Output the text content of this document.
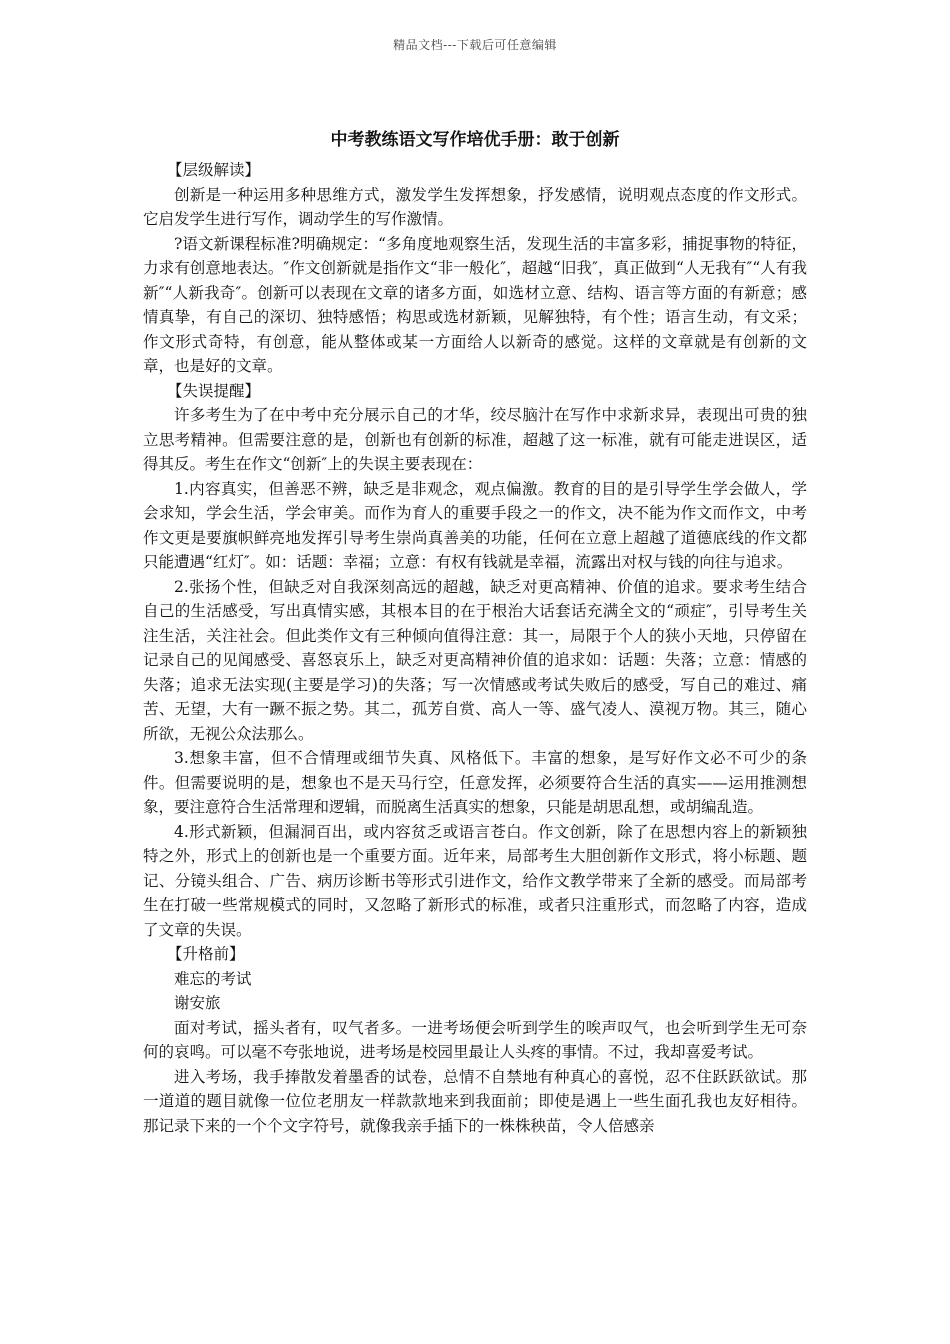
精品文档---下载后可任意编辑
中考教练语文写作培优手册：敢于创新

【层级解读】

创新是一种运用多种思维方式，激发学生发挥想象，抒发感情，说明观点态度的作文形式。它启发学生进行写作，调动学生的写作激情。

?语文新课程标准?明确规定：“多角度地观察生活，发现生活的丰富多彩，捕捉事物的特征，力求有创意地表达。″作文创新就是指作文“非一般化″，超越“旧我″，真正做到“人无我有″“人有我新″“人新我奇″。创新可以表现在文章的诸多方面，如选材立意、结构、语言等方面的有新意；感情真挚，有自己的深切、独特感悟；构思或选材新颖，见解独特，有个性；语言生动，有文采；作文形式奇特，有创意，能从整体或某一方面给人以新奇的感觉。这样的文章就是有创新的文章，也是好的文章。

【失误提醒】

许多考生为了在中考中充分展示自己的才华，绞尽脑汁在写作中求新求异，表现出可贵的独立思考精神。但需要注意的是，创新也有创新的标准，超越了这一标准，就有可能走进误区，适得其反。考生在作文“创新″上的失误主要表现在：

1.内容真实，但善恶不辨，缺乏是非观念，观点偏激。教育的目的是引导学生学会做人，学会求知，学会生活，学会审美。而作为育人的重要手段之一的作文，决不能为作文而作文，中考作文更是要旗帜鲜亮地发挥引导考生崇尚真善美的功能，任何在立意上超越了道德底线的作文都只能遭遇“红灯″。如：话题：幸福；立意：有权有钱就是幸福，流露出对权与钱的向往与追求。

2.张扬个性，但缺乏对自我深刻高远的超越，缺乏对更高精神、价值的追求。要求考生结合自己的生活感受，写出真情实感，其根本目的在于根治大话套话充满全文的“顽症″，引导考生关注生活，关注社会。但此类作文有三种倾向值得注意：其一，局限于个人的狭小天地，只停留在记录自己的见闻感受、喜怒哀乐上，缺乏对更高精神价值的追求如：话题：失落；立意：情感的失落；追求无法实现(主要是学习)的失落；写一次情感或考试失败后的感受，写自己的难过、痛苦、无望，大有一蹶不振之势。其二，孤芳自赏、高人一等、盛气凌人、漠视万物。其三，随心所欲，无视公众法那么。

3.想象丰富，但不合情理或细节失真、风格低下。丰富的想象，是写好作文必不可少的条件。但需要说明的是，想象也不是天马行空，任意发挥，必须要符合生活的真实——运用推测想象，要注意符合生活常理和逻辑，而脱离生活真实的想象，只能是胡思乱想，或胡编乱造。

4.形式新颖，但漏洞百出，或内容贫乏或语言苍白。作文创新，除了在思想内容上的新颖独特之外，形式上的创新也是一个重要方面。近年来，局部考生大胆创新作文形式，将小标题、题记、分镜头组合、广告、病历诊断书等形式引进作文，给作文教学带来了全新的感受。而局部考生在打破一些常规模式的同时，又忽略了新形式的标准，或者只注重形式，而忽略了内容，造成了文章的失误。

【升格前】

难忘的考试

谢安旅

面对考试，摇头者有，叹气者多。一进考场便会听到学生的唉声叹气，也会听到学生无可奈何的哀鸣。可以毫不夸张地说，进考场是校园里最让人头疼的事情。不过，我却喜爱考试。

进入考场，我手捧散发着墨香的试卷，总情不自禁地有种真心的喜悦，忍不住跃跃欲试。那一道道的题目就像一位位老朋友一样款款地来到我面前；即使是遇上一些生面孔我也友好相待。那记录下来的一个个文字符号，就像我亲手插下的一株株秧苗，令人倍感亲
